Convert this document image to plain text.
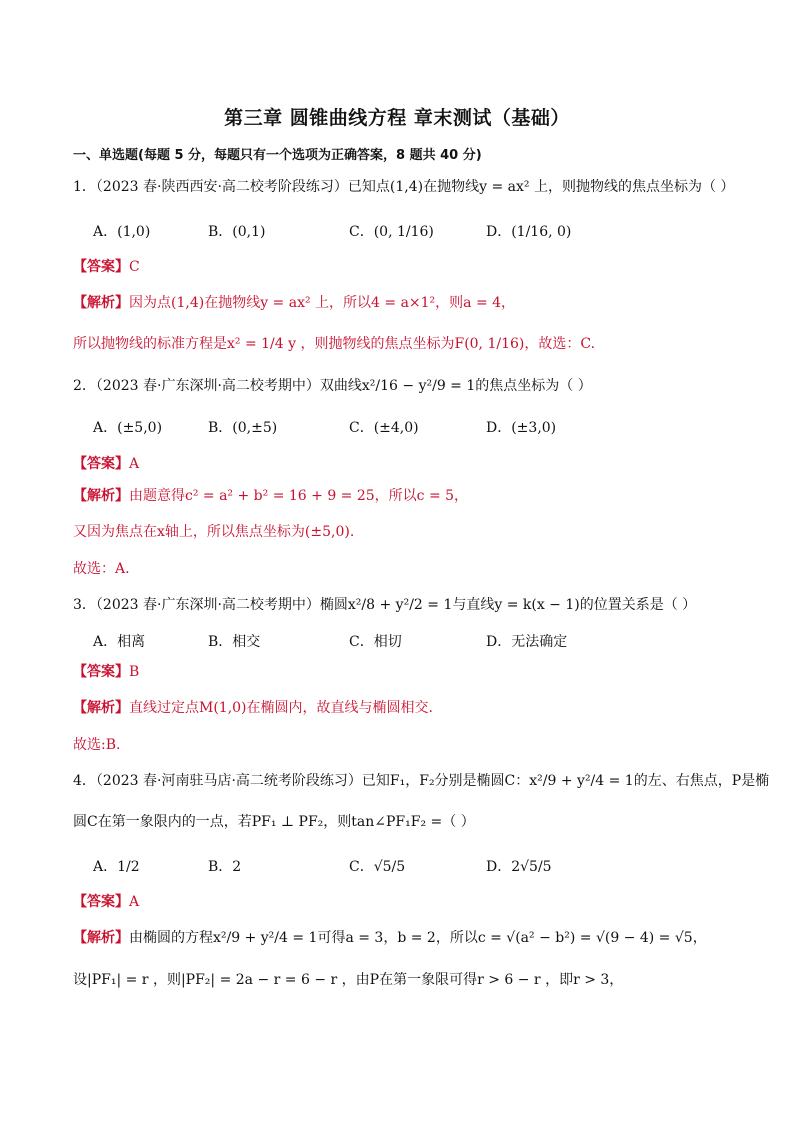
第三章 圆锥曲线方程 章末测试（基础）
一、单选题(每题 5 分，每题只有一个选项为正确答案，8 题共 40 分)
1．（2023 春·陕西西安·高二校考阶段练习）已知点(1,4)在抛物线y = ax² 上，则抛物线的焦点坐标为（ ）
A．(1,0)	B．(0,1)	C．(0, 1/16)	D．(1/16, 0)
【答案】C
【解析】因为点(1,4)在抛物线y = ax² 上，所以4 = a×1²，则a = 4，
所以抛物线的标准方程是x² = 1/4 y ，则抛物线的焦点坐标为F(0, 1/16)，故选：C.
2．（2023 春·广东深圳·高二校考期中）双曲线x²/16 − y²/9 = 1的焦点坐标为（ ）
A．(±5,0)	B．(0,±5)	C．(±4,0)	D．(±3,0)
【答案】A
【解析】由题意得c² = a² + b² = 16 + 9 = 25，所以c = 5，
又因为焦点在x轴上，所以焦点坐标为(±5,0).
故选：A.
3．（2023 春·广东深圳·高二校考期中）椭圆x²/8 + y²/2 = 1与直线y = k(x − 1)的位置关系是（ ）
A．相离	B．相交	C．相切	D．无法确定
【答案】B
【解析】直线过定点M(1,0)在椭圆内，故直线与椭圆相交.
故选:B.
4．（2023 春·河南驻马店·高二统考阶段练习）已知F₁，F₂分别是椭圆C：x²/9 + y²/4 = 1的左、右焦点，P是椭
圆C在第一象限内的一点，若PF₁ ⊥ PF₂，则tan∠PF₁F₂ =（ ）
A．1/2	B．2	C．√5/5	D．2√5/5
【答案】A
【解析】由椭圆的方程x²/9 + y²/4 = 1可得a = 3，b = 2，所以c = √(a² − b²) = √(9 − 4) = √5，
设|PF₁| = r ，则|PF₂| = 2a − r = 6 − r ，由P在第一象限可得r > 6 − r ，即r > 3，
